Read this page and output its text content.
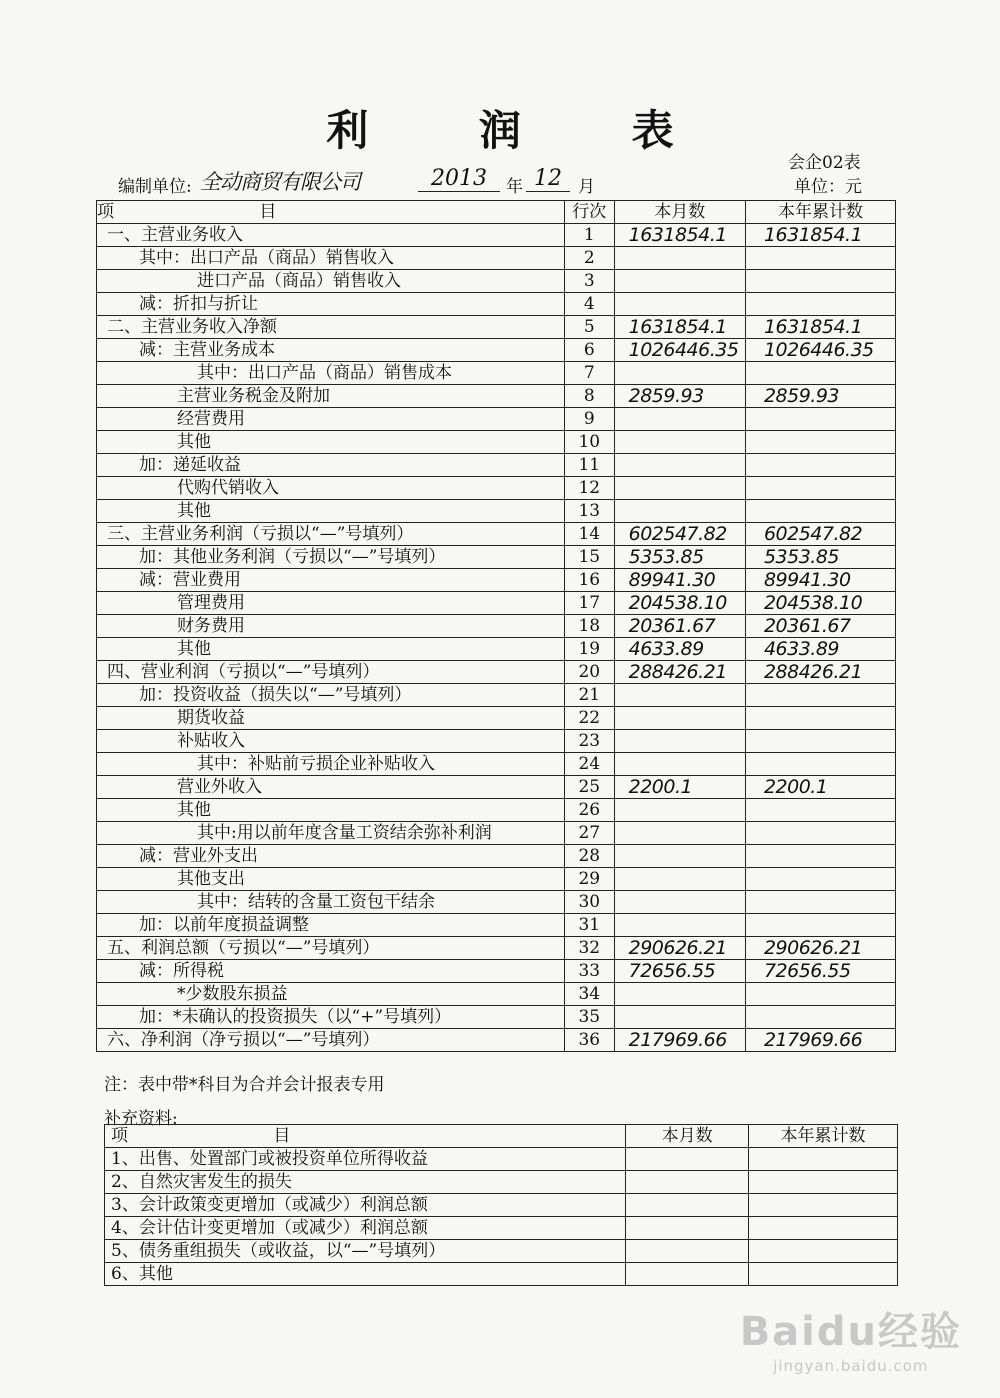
利 润 表
会企02表
编制单位: 全动商贸有限公司	2013	年 12 月	单位：元
项 目	行次	本月数	本年累计数
一、主营业务收入	1	1631854.1	1631854.1
其中：出口产品（商品）销售收入	2		
进口产品（商品）销售收入	3		
减：折扣与折让	4		
二、主营业务收入净额	5	1631854.1	1631854.1
减：主营业务成本	6	1026446.35	1026446.35
其中：出口产品（商品）销售成本	7		
主营业务税金及附加	8	2859.93	2859.93
经营费用	9		
其他	10		
加：递延收益	11		
代购代销收入	12		
其他	13		
三、主营业务利润（亏损以“—”号填列）	14	602547.82	602547.82
加：其他业务利润（亏损以“—”号填列）	15	5353.85	5353.85
减：营业费用	16	89941.30	89941.30
管理费用	17	204538.10	204538.10
财务费用	18	20361.67	20361.67
其他	19	4633.89	4633.89
四、营业利润（亏损以“—”号填列）	20	288426.21	288426.21
加：投资收益（损失以“—”号填列）	21		
期货收益	22		
补贴收入	23		
其中：补贴前亏损企业补贴收入	24		
营业外收入	25	2200.1	2200.1
其他	26		
其中:用以前年度含量工资结余弥补利润	27		
减：营业外支出	28		
其他支出	29		
其中：结转的含量工资包干结余	30		
加：以前年度损益调整	31		
五、利润总额（亏损以“—”号填列）	32	290626.21	290626.21
减：所得税	33	72656.55	72656.55
*少数股东损益	34		
加：*未确认的投资损失（以“+”号填列）	35		
六、净利润（净亏损以“—”号填列）	36	217969.66	217969.66
注：表中带*科目为合并会计报表专用
补充资料:
项 目	本月数	本年累计数
1、出售、处置部门或被投资单位所得收益		
2、自然灾害发生的损失		
3、会计政策变更增加（或减少）利润总额		
4、会计估计变更增加（或减少）利润总额		
5、债务重组损失（或收益，以“—”号填列）		
6、其他		
Baidu经验
jingyan.baidu.com
